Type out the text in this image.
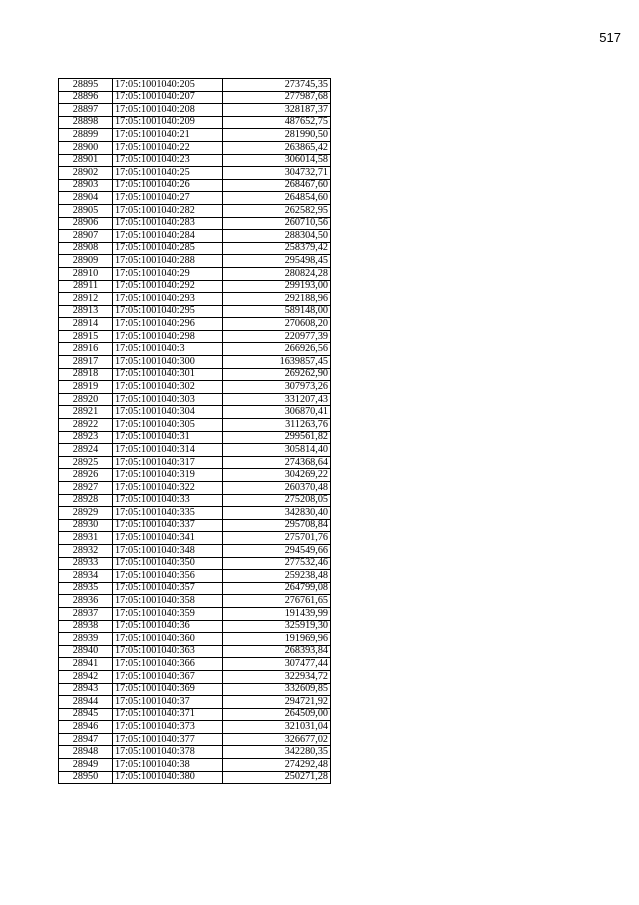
517
28895	17:05:1001040:205	273745,35
28896	17:05:1001040:207	277987,68
28897	17:05:1001040:208	328187,37
28898	17:05:1001040:209	487652,75
28899	17:05:1001040:21	281990,50
28900	17:05:1001040:22	263865,42
28901	17:05:1001040:23	306014,58
28902	17:05:1001040:25	304732,71
28903	17:05:1001040:26	268467,60
28904	17:05:1001040:27	264854,60
28905	17:05:1001040:282	262582,95
28906	17:05:1001040:283	260710,56
28907	17:05:1001040:284	288304,50
28908	17:05:1001040:285	258379,42
28909	17:05:1001040:288	295498,45
28910	17:05:1001040:29	280824,28
28911	17:05:1001040:292	299193,00
28912	17:05:1001040:293	292188,96
28913	17:05:1001040:295	589148,00
28914	17:05:1001040:296	270608,20
28915	17:05:1001040:298	220977,39
28916	17:05:1001040:3	266926,56
28917	17:05:1001040:300	1639857,45
28918	17:05:1001040:301	269262,90
28919	17:05:1001040:302	307973,26
28920	17:05:1001040:303	331207,43
28921	17:05:1001040:304	306870,41
28922	17:05:1001040:305	311263,76
28923	17:05:1001040:31	299561,82
28924	17:05:1001040:314	305814,40
28925	17:05:1001040:317	274368,64
28926	17:05:1001040:319	304269,22
28927	17:05:1001040:322	260370,48
28928	17:05:1001040:33	275208,05
28929	17:05:1001040:335	342830,40
28930	17:05:1001040:337	295708,84
28931	17:05:1001040:341	275701,76
28932	17:05:1001040:348	294549,66
28933	17:05:1001040:350	277532,46
28934	17:05:1001040:356	259238,48
28935	17:05:1001040:357	264799,08
28936	17:05:1001040:358	276761,65
28937	17:05:1001040:359	191439,99
28938	17:05:1001040:36	325919,30
28939	17:05:1001040:360	191969,96
28940	17:05:1001040:363	268393,84
28941	17:05:1001040:366	307477,44
28942	17:05:1001040:367	322934,72
28943	17:05:1001040:369	332609,85
28944	17:05:1001040:37	294721,92
28945	17:05:1001040:371	264509,00
28946	17:05:1001040:373	321031,04
28947	17:05:1001040:377	326677,02
28948	17:05:1001040:378	342280,35
28949	17:05:1001040:38	274292,48
28950	17:05:1001040:380	250271,28
